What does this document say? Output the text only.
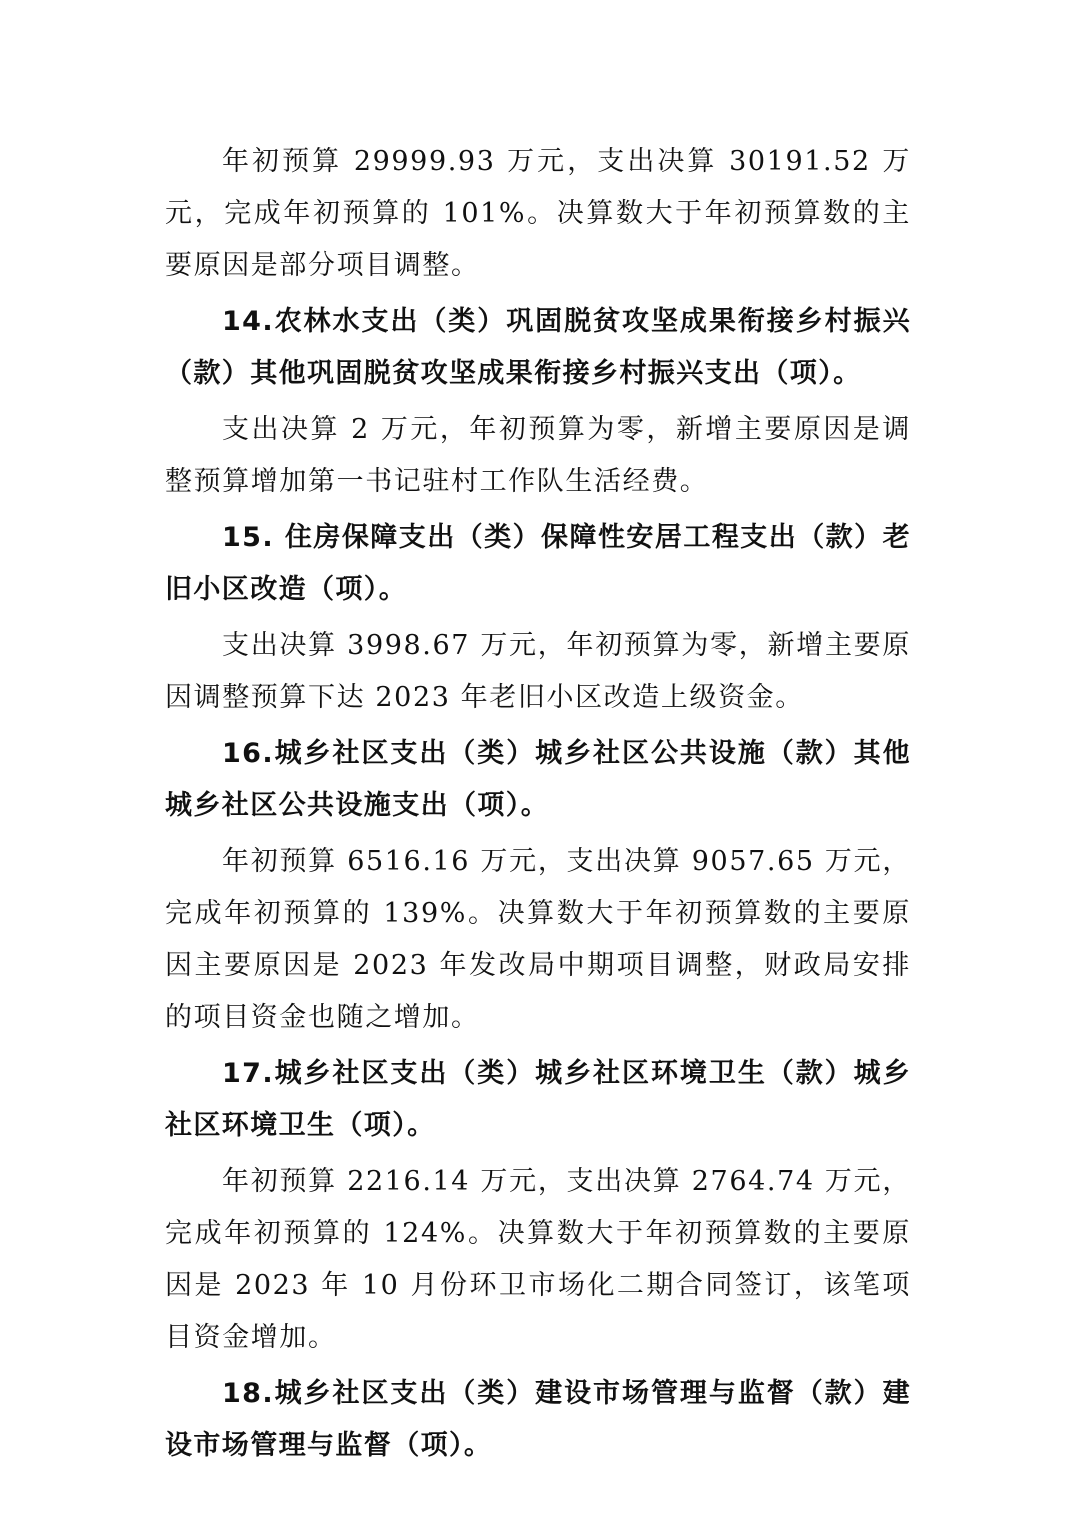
年初预算 29999.93 万元，支出决算 30191.52 万元，完成年初预算的 101%。决算数大于年初预算数的主要原因是部分项目调整。

14.农林水支出（类）巩固脱贫攻坚成果衔接乡村振兴（款）其他巩固脱贫攻坚成果衔接乡村振兴支出（项）。

支出决算 2 万元，年初预算为零，新增主要原因是调整预算增加第一书记驻村工作队生活经费。

15. 住房保障支出（类）保障性安居工程支出（款）老旧小区改造（项）。

支出决算 3998.67 万元，年初预算为零，新增主要原因调整预算下达 2023 年老旧小区改造上级资金。

16.城乡社区支出（类）城乡社区公共设施（款）其他城乡社区公共设施支出（项）。

年初预算 6516.16 万元，支出决算 9057.65 万元，完成年初预算的 139%。决算数大于年初预算数的主要原因主要原因是 2023 年发改局中期项目调整，财政局安排的项目资金也随之增加。

17.城乡社区支出（类）城乡社区环境卫生（款）城乡社区环境卫生（项）。

年初预算 2216.14 万元，支出决算 2764.74 万元，完成年初预算的 124%。决算数大于年初预算数的主要原因是 2023 年 10 月份环卫市场化二期合同签订，该笔项目资金增加。

18.城乡社区支出（类）建设市场管理与监督（款）建设市场管理与监督（项）。
